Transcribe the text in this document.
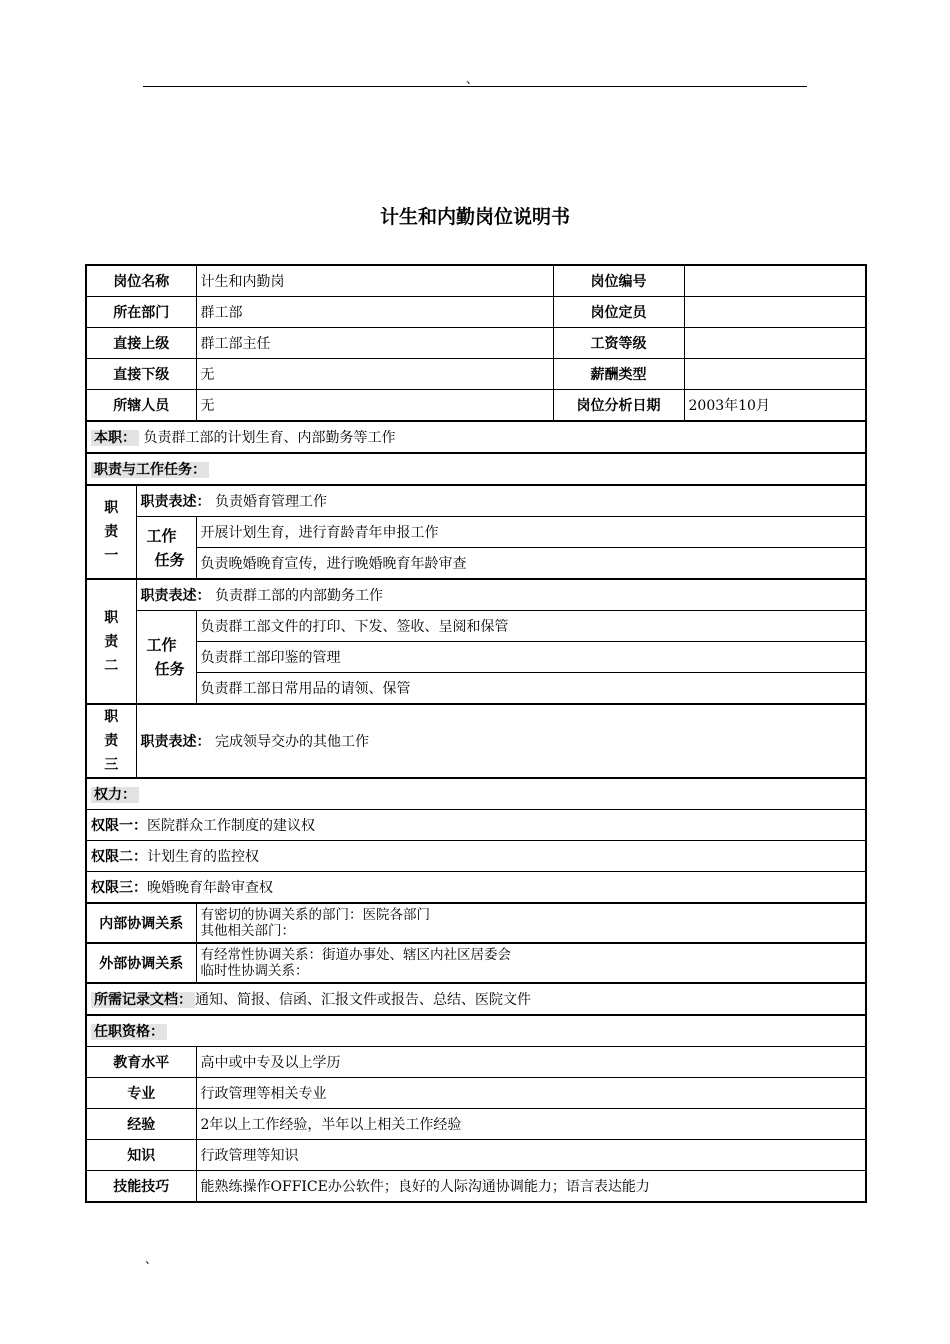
、
计生和内勤岗位说明书
岗位名称		计生和内勤岗	岗位编号	
所在部门		群工部	岗位定员	
直接上级		群工部主任	工资等级	
直接下级		无	薪酬类型	
所辖人员		无	岗位分析日期	2003年10月
本职： 负责群工部的计划生育、内部勤务等工作				
职责与工作任务：				
职
责
一	职责表述： 负责婚育管理工作			

	工作
任务	开展计划生育，进行育龄青年申报工作		
		负责晚婚晚育宣传，进行晚婚晚育年龄审查		
职
责
二	职责表述： 负责群工部的内部勤务工作			

	工作
任务	负责群工部文件的打印、下发、签收、呈阅和保管		
		负责群工部印鉴的管理		
		负责群工部日常用品的请领、保管		
职
责
三	职责表述： 完成领导交办的其他工作			
权力：				
权限一：医院群众工作制度的建议权				
权限二：计划生育的监控权				
权限三：晚婚晚育年龄审查权				
内部协调关系		有密切的协调关系的部门：医院各部门
其他相关部门：		
外部协调关系		有经常性协调关系：街道办事处、辖区内社区居委会
临时性协调关系：		
所需记录文档： 通知、简报、信函、汇报文件或报告、总结、医院文件				
任职资格：				
教育水平		高中或中专及以上学历		
专业		行政管理等相关专业		
经验		2年以上工作经验，半年以上相关工作经验		
知识		行政管理等知识		
技能技巧		能熟练操作OFFICE办公软件；良好的人际沟通协调能力；语言表达能力		
、
